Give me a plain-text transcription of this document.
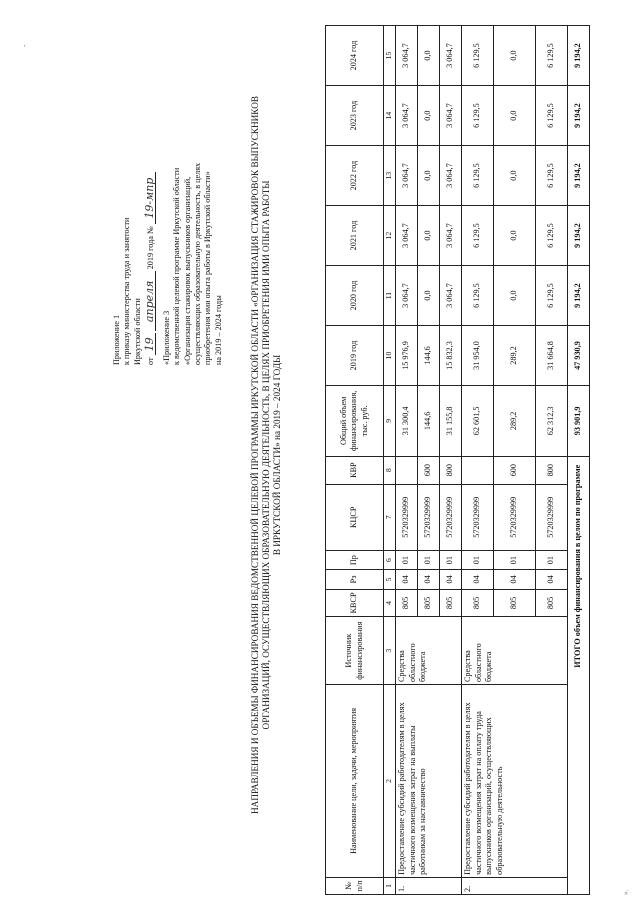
-
».
Приложение 1 к приказу министерства труда и занятости Иркутской области от 19 апреля 2019 года № 19-мпр
«Приложение 3 к ведомственной целевой программе Иркутской области «Организация стажировок выпускников организаций, осуществляющих образовательную деятельность, в целях приобретения ими опыта работы в Иркутской области» на 2019 – 2024 годы	НАПРАВЛЕНИЯ И ОБЪЕМЫ ФИНАНСИРОВАНИЯ ВЕДОМСТВЕННОЙ ЦЕЛЕВОЙ ПРОГРАММЫ ИРКУТСКОЙ ОБЛАСТИ «ОРГАНИЗАЦИЯ СТАЖИРОВОК ВЫПУСКНИКОВ ОРГАНИЗАЦИЙ, ОСУЩЕСТВЛЯЮЩИХ ОБРАЗОВАТЕЛЬНУЮ ДЕЯТЕЛЬНОСТЬ, В ЦЕЛЯХ ПРИОБРЕТЕНИЯ ИМИ ОПЫТА РАБОТЫ В ИРКУТСКОЙ ОБЛАСТИ» на 2019 – 2024 ГОДЫ
№ п/п	Наименование цели, задачи, мероприятия	Источник финансирования	КВСР	Рз	Пр	КЦСР	КВР	Общий объем финансирования, тыс. руб.	2019 год	2020 год	2021 год	2022 год	2023 год	2024 год
1	2	3	4	5	6	7	8	9	10	11	12	13	14	15
1.	Предоставление субсидий работодателям в целях частичного возмещения затрат на выплаты работникам за наставничество	Средства областного бюджета	805	04	01	5720329999		31 300,4	15 976,9	3 064,7	3 064,7	3 064,7	3 064,7	3 064,7
			805	04	01	5720329999	600	144,6	144,6	0,0	0,0	0,0	0,0	0,0
			805	04	01	5720329999	800	31 155,8	15 832,3	3 064,7	3 064,7	3 064,7	3 064,7	3 064,7
2.	Предоставление субсидий работодателям в целях частичного возмещения затрат на оплату труда выпускников организаций, осуществляющих образовательную деятельность	Средства областного бюджета	805	04	01	5720329999		62 601,5	31 954,0	6 129,5	6 129,5	6 129,5	6 129,5	6 129,5
			805	04	01	5720329999	600	289,2	289,2	0,0	0,0	0,0	0,0	0,0
			805	04	01	5720329999	800	62 312,3	31 664,8	6 129,5	6 129,5	6 129,5	6 129,5	6 129,5
ИТОГО объем финансирования в целом по программе								93 901,9	47 930,9	9 194,2	9 194,2	9 194,2	9 194,2	9 194,2
